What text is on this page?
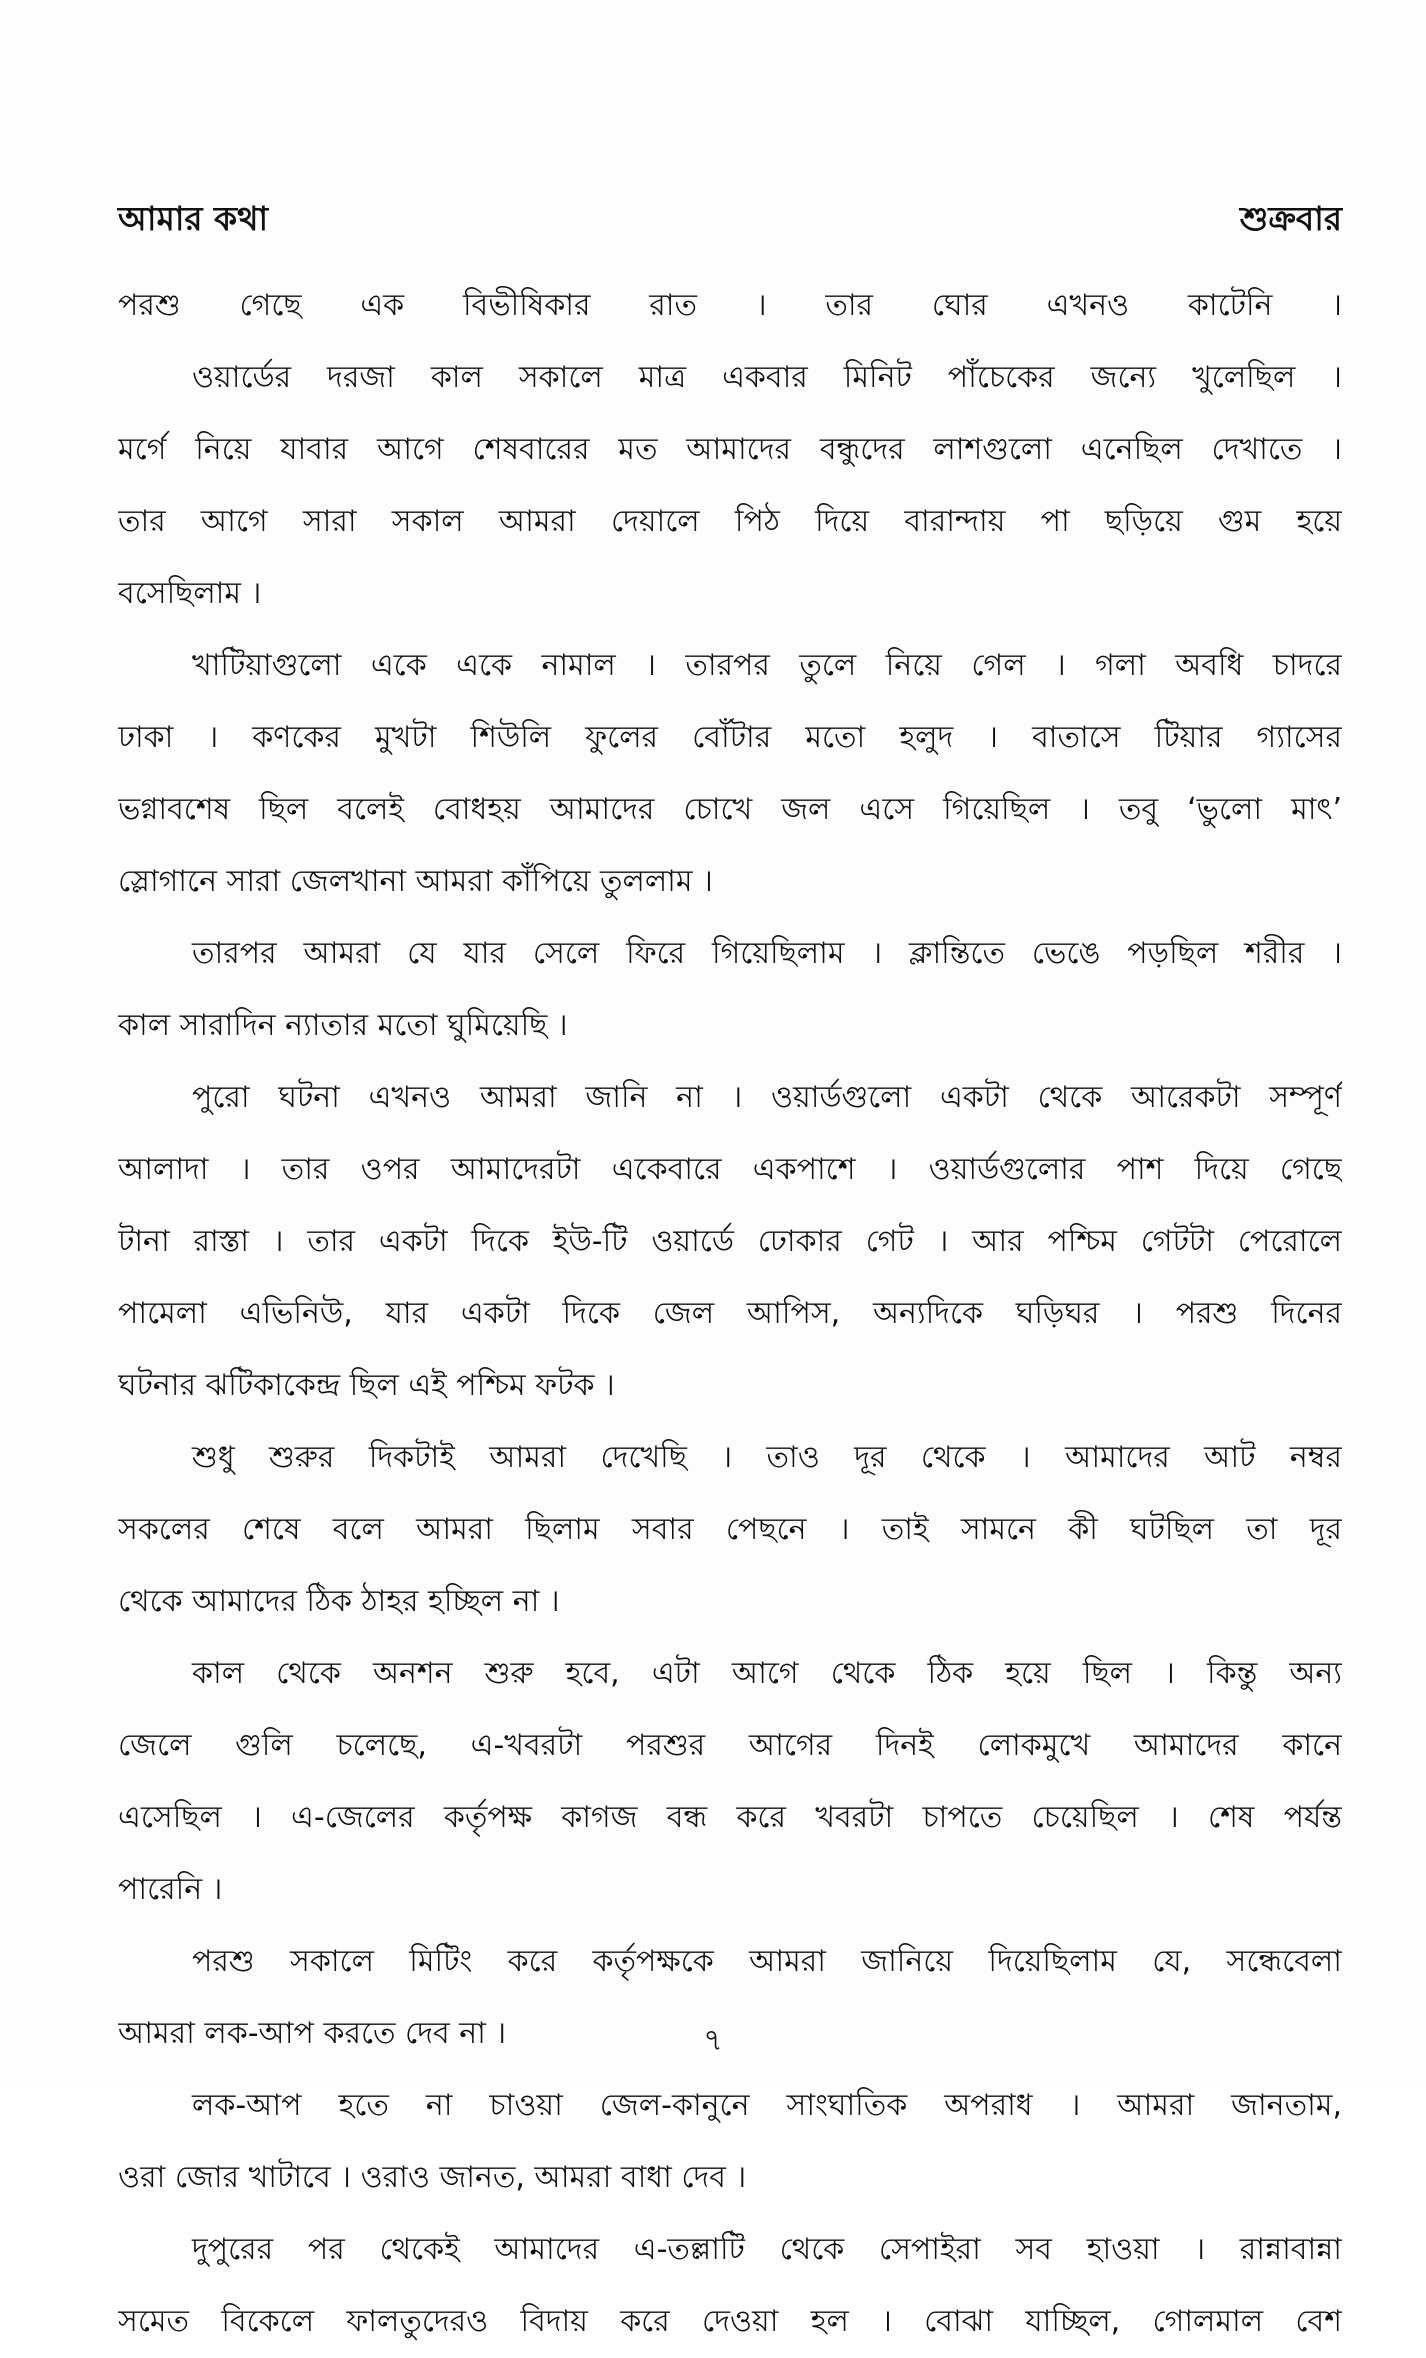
আমার কথা	শুক্রবার
পরশু গেছে এক বিভীষিকার রাত । তার ঘোর এখনও কাটেনি ।
ওয়ার্ডের দরজা কাল সকালে মাত্র একবার মিনিট পাঁচেকের জন্যে খুলেছিল ।
মর্গে নিয়ে যাবার আগে শেষবারের মত আমাদের বন্ধুদের লাশগুলো এনেছিল দেখাতে ।
তার আগে সারা সকাল আমরা দেয়ালে পিঠ দিয়ে বারান্দায় পা ছড়িয়ে গুম হয়ে
বসেছিলাম ।
খাটিয়াগুলো একে একে নামাল । তারপর তুলে নিয়ে গেল । গলা অবধি চাদরে
ঢাকা । কণকের মুখটা শিউলি ফুলের বোঁটার মতো হলুদ । বাতাসে টিয়ার গ্যাসের
ভগ্নাবশেষ ছিল বলেই বোধহয় আমাদের চোখে জল এসে গিয়েছিল । তবু ‘ভুলো মাৎ’
স্লোগানে সারা জেলখানা আমরা কাঁপিয়ে তুললাম ।
তারপর আমরা যে যার সেলে ফিরে গিয়েছিলাম । ক্লান্তিতে ভেঙে পড়ছিল শরীর ।
কাল সারাদিন ন্যাতার মতো ঘুমিয়েছি ।
পুরো ঘটনা এখনও আমরা জানি না । ওয়ার্ডগুলো একটা থেকে আরেকটা সম্পূর্ণ
আলাদা । তার ওপর আমাদেরটা একেবারে একপাশে । ওয়ার্ডগুলোর পাশ দিয়ে গেছে
টানা রাস্তা । তার একটা দিকে ইউ-টি ওয়ার্ডে ঢোকার গেট । আর পশ্চিম গেটটা পেরোলে
পামেলা এভিনিউ, যার একটা দিকে জেল আপিস, অন্যদিকে ঘড়িঘর । পরশু দিনের
ঘটনার ঝটিকাকেন্দ্র ছিল এই পশ্চিম ফটক ।
শুধু শুরুর দিকটাই আমরা দেখেছি । তাও দূর থেকে । আমাদের আট নম্বর
সকলের শেষে বলে আমরা ছিলাম সবার পেছনে । তাই সামনে কী ঘটছিল তা দূর
থেকে আমাদের ঠিক ঠাহর হচ্ছিল না ।
কাল থেকে অনশন শুরু হবে, এটা আগে থেকে ঠিক হয়ে ছিল । কিন্তু অন্য
জেলে গুলি চলেছে, এ-খবরটা পরশুর আগের দিনই লোকমুখে আমাদের কানে
এসেছিল । এ-জেলের কর্তৃপক্ষ কাগজ বন্ধ করে খবরটা চাপতে চেয়েছিল । শেষ পর্যন্ত
পারেনি ।
পরশু সকালে মিটিং করে কর্তৃপক্ষকে আমরা জানিয়ে দিয়েছিলাম যে, সন্ধেবেলা
আমরা লক-আপ করতে দেব না ।
লক-আপ হতে না চাওয়া জেল-কানুনে সাংঘাতিক অপরাধ । আমরা জানতাম,
ওরা জোর খাটাবে । ওরাও জানত, আমরা বাধা দেব ।
দুপুরের পর থেকেই আমাদের এ-তল্লাটি থেকে সেপাইরা সব হাওয়া । রান্নাবান্না
সমেত বিকেলে ফালতুদেরও বিদায় করে দেওয়া হল । বোঝা যাচ্ছিল, গোলমাল বেশ
৭
